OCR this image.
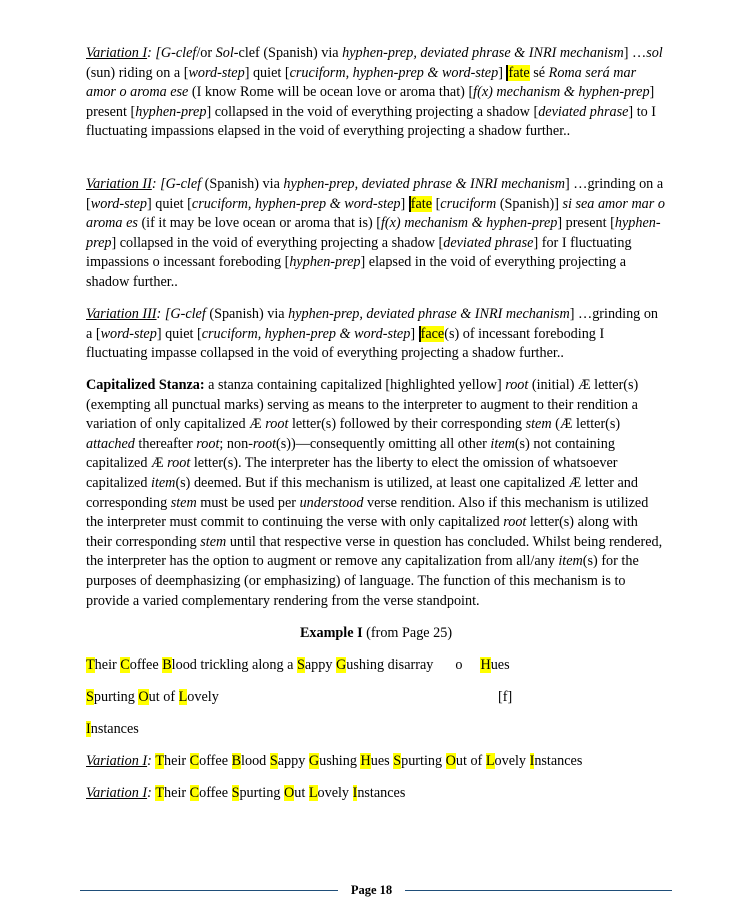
Variation I: [G-clef/or Sol-clef (Spanish) via hyphen-prep, deviated phrase & INRI mechanism] …sol (sun) riding on a [word-step] quiet [cruciform, hyphen-prep & word-step] fate sé Roma será mar amor o aroma ese (I know Rome will be ocean love or aroma that) [f(x) mechanism & hyphen-prep] present [hyphen-prep] collapsed in the void of everything projecting a shadow [deviated phrase] to I fluctuating impassions elapsed in the void of everything projecting a shadow further..

Variation II: [G-clef (Spanish) via hyphen-prep, deviated phrase & INRI mechanism] …grinding on a [word-step] quiet [cruciform, hyphen-prep & word-step] fate [cruciform (Spanish)] si sea amor mar o aroma es (if it may be love ocean or aroma that is) [f(x) mechanism & hyphen-prep] present [hyphen-prep] collapsed in the void of everything projecting a shadow [deviated phrase] for I fluctuating impassions o incessant foreboding [hyphen-prep] elapsed in the void of everything projecting a shadow further..

Variation III: [G-clef (Spanish) via hyphen-prep, deviated phrase & INRI mechanism] …grinding on a [word-step] quiet [cruciform, hyphen-prep & word-step] face(s) of incessant foreboding I fluctuating impasse collapsed in the void of everything projecting a shadow further..

Capitalized Stanza: a stanza containing capitalized [highlighted yellow] root (initial) Æ letter(s) (exempting all punctual marks) serving as means to the interpreter to augment to their rendition a variation of only capitalized Æ root letter(s) followed by their corresponding stem (Æ letter(s) attached thereafter root; non-root(s))—consequently omitting all other item(s) not containing capitalized Æ root letter(s). The interpreter has the liberty to elect the omission of whatsoever capitalized item(s) deemed. But if this mechanism is utilized, at least one capitalized Æ letter and corresponding stem must be used per understood verse rendition. Also if this mechanism is utilized the interpreter must commit to continuing the verse with only capitalized root letter(s) along with their corresponding stem until that respective verse in question has concluded. Whilst being rendered, the interpreter has the option to augment or remove any capitalization from all/any item(s) for the purposes of deemphasizing (or emphasizing) of language. The function of this mechanism is to provide a varied complementary rendering from the verse standpoint.

Example I (from Page 25)
Their Coffee Blood trickling along a Sappy Gushing disarray o Hues
Spurting Out of Lovely	[f]
Instances
Variation I: Their Coffee Blood Sappy Gushing Hues Spurting Out of Lovely Instances
Variation I: Their Coffee Spurting Out Lovely Instances
Page 18
